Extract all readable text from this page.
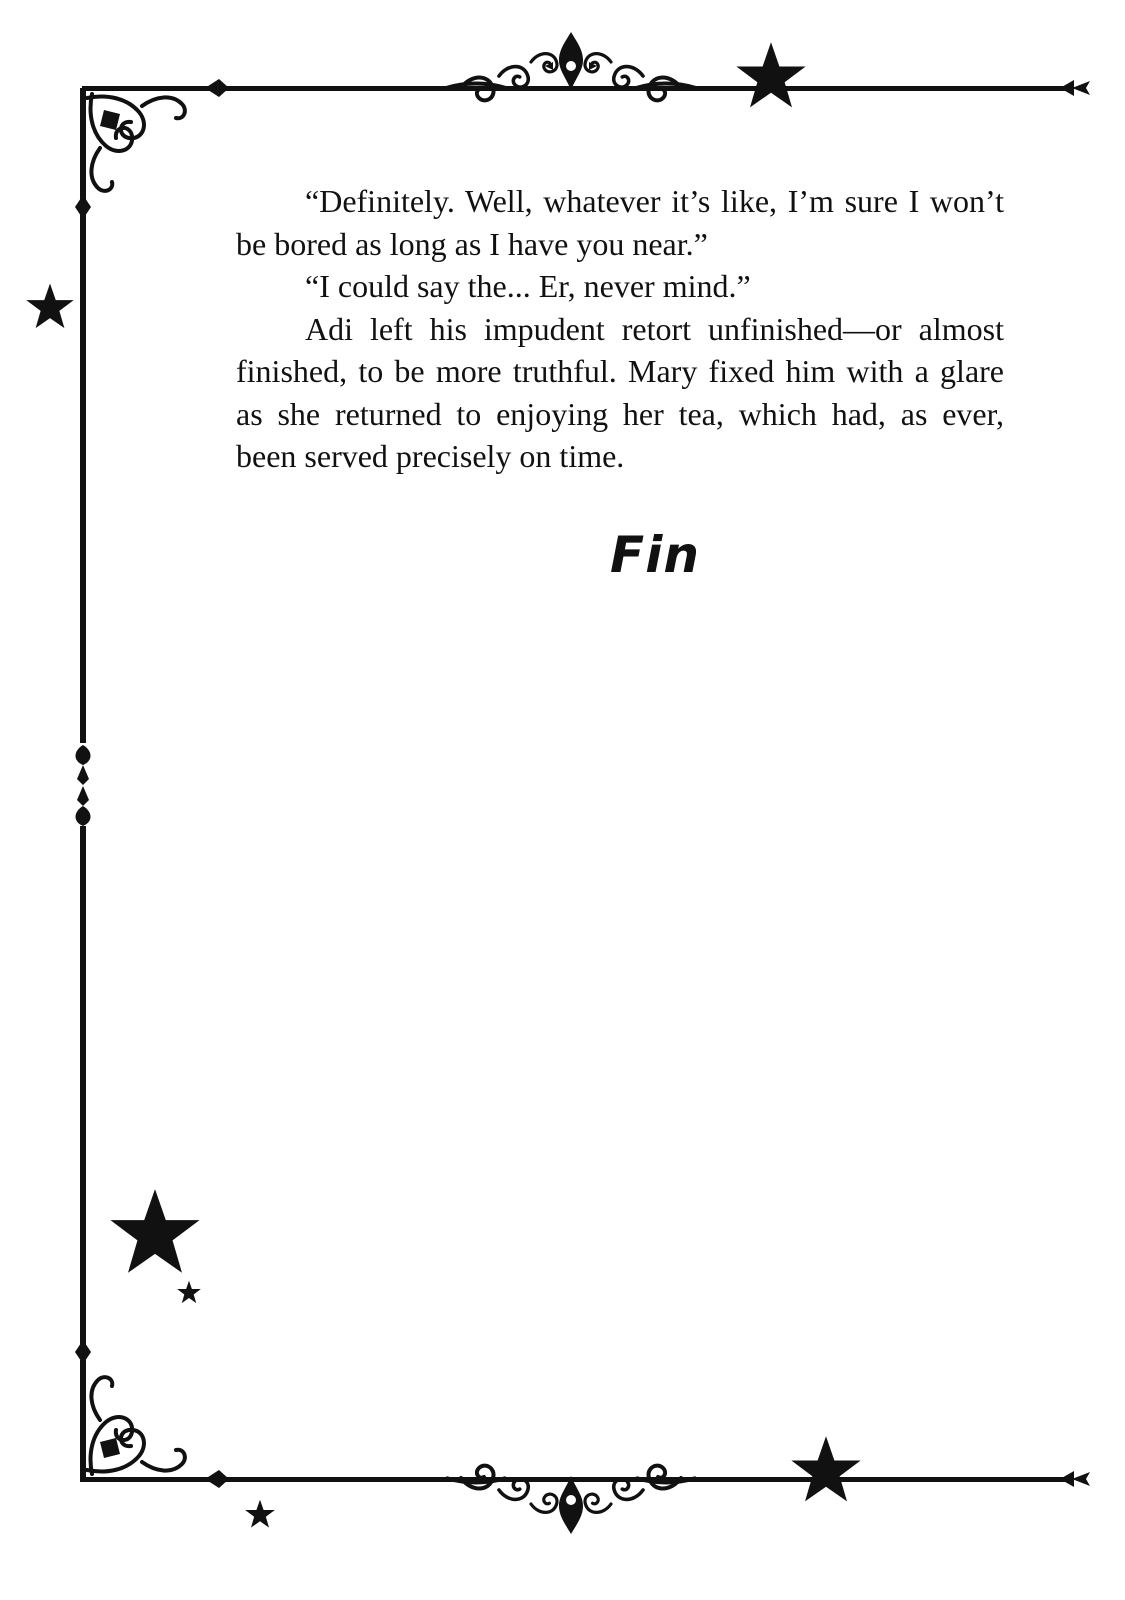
“Definitely. Well, whatever it’s like, I’m sure I won’t be bored as long as I have you near.”

“I could say the... Er, never mind.”

Adi left his impudent retort unfinished—or almost finished, to be more truthful. Mary fixed him with a glare as she returned to enjoying her tea, which had, as ever, been served precisely on time.

Fin
